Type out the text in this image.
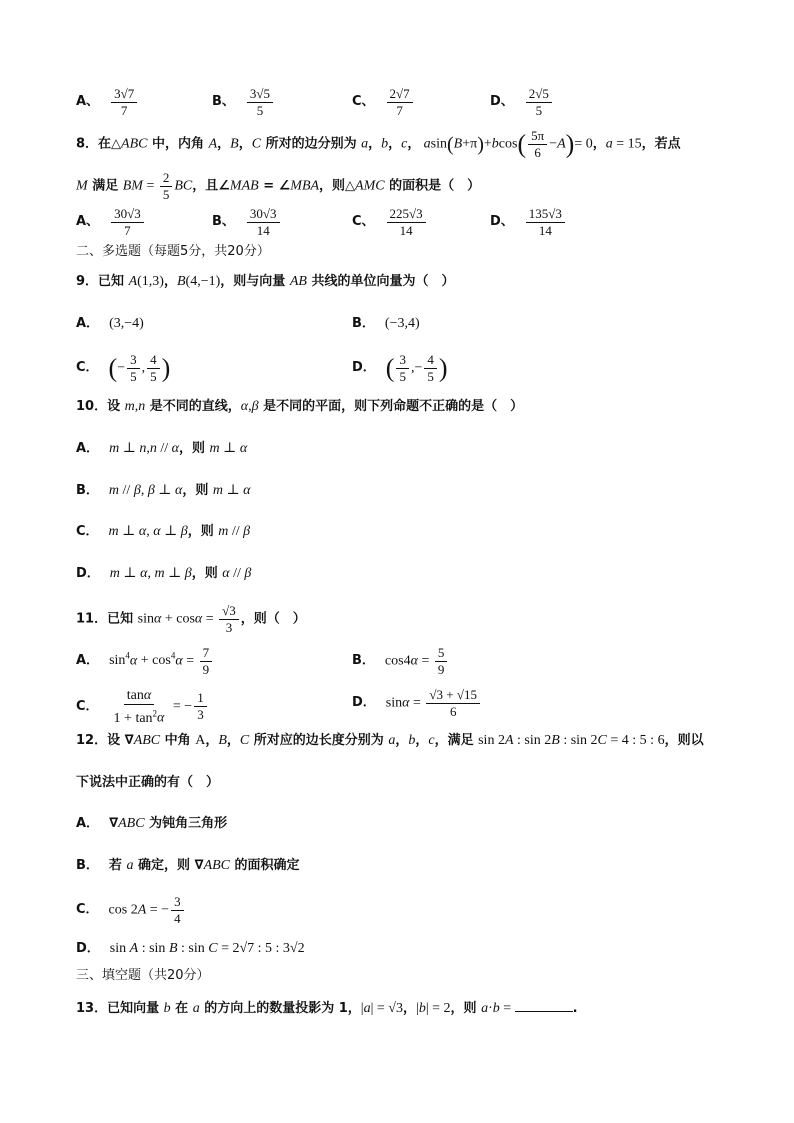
A、 $\frac{3√7}{7}$	B、 $\frac{3√5}{5}$	C、 $\frac{2√7}{7}$	D、 $\frac{2√5}{5}$
8．在△ABC 中，内角 A，B，C 所对的边分别为 a，b，c， $asin(B+\pi)+bcos( \frac{5\pi}{6} -A)= 0$，a = 15，若点
M 满足 BM = $\frac{2}{5}$ BC，且∠MAB = ∠MBA，则△AMC 的面积是（　）
A、 $\frac{30√3}{7}$	B、 $\frac{30√3}{14}$	C、 $\frac{225√3}{14}$	D、 $\frac{135√3}{14}$
二、多选题（每题5分，共20分）
9．已知 A(1,3)，B(4,−1)，则与向量 AB 共线的单位向量为（　）
A． (3,−4)	B． (−3,4)
C． (− $\frac{3}{5}$ , $\frac{4}{5}$ )	D． ( $\frac{3}{5}$ ,− $\frac{4}{5}$ )
10．设 m,n 是不同的直线，α,β 是不同的平面，则下列命题不正确的是（　）
A． m ⊥ n,n // α，则 m ⊥ α
B． m // β, β ⊥ α，则 m ⊥ α
C． m ⊥ α, α ⊥ β，则 m // β
D． m ⊥ α, m ⊥ β，则 α // β
11．已知 $\sin\alpha + \cos\alpha = \frac{√3}{3}$ ，则（　）
A． $\sin^4\alpha + \cos^4\alpha = \frac{7}{9}$	B． $\cos 4\alpha = \frac{5}{9}$
C． $\frac{\tan\alpha}{1 + \tan^2\alpha}$ = − $\frac{1}{3}$	D． $\sin\alpha = \frac{√3 + √15}{6}$
12．设 ∇ABC 中角 A，B，C 所对应的边长度分别为 a，b，c，满足 sin 2A : sin 2B : sin 2C = 4 : 5 : 6，则以
下说法中正确的有（　）
A． ∇ABC 为钝角三角形
B． 若 a 确定，则 ∇ABC 的面积确定
C． cos 2A = − $\frac{3}{4}$
D． sin A : sin B : sin C = 2√7 : 5 : 3√2
三、填空题（共20分）
13．已知向量 b 在 a 的方向上的数量投影为 1，|a| = √3，|b| = 2，则 a·b =	.
